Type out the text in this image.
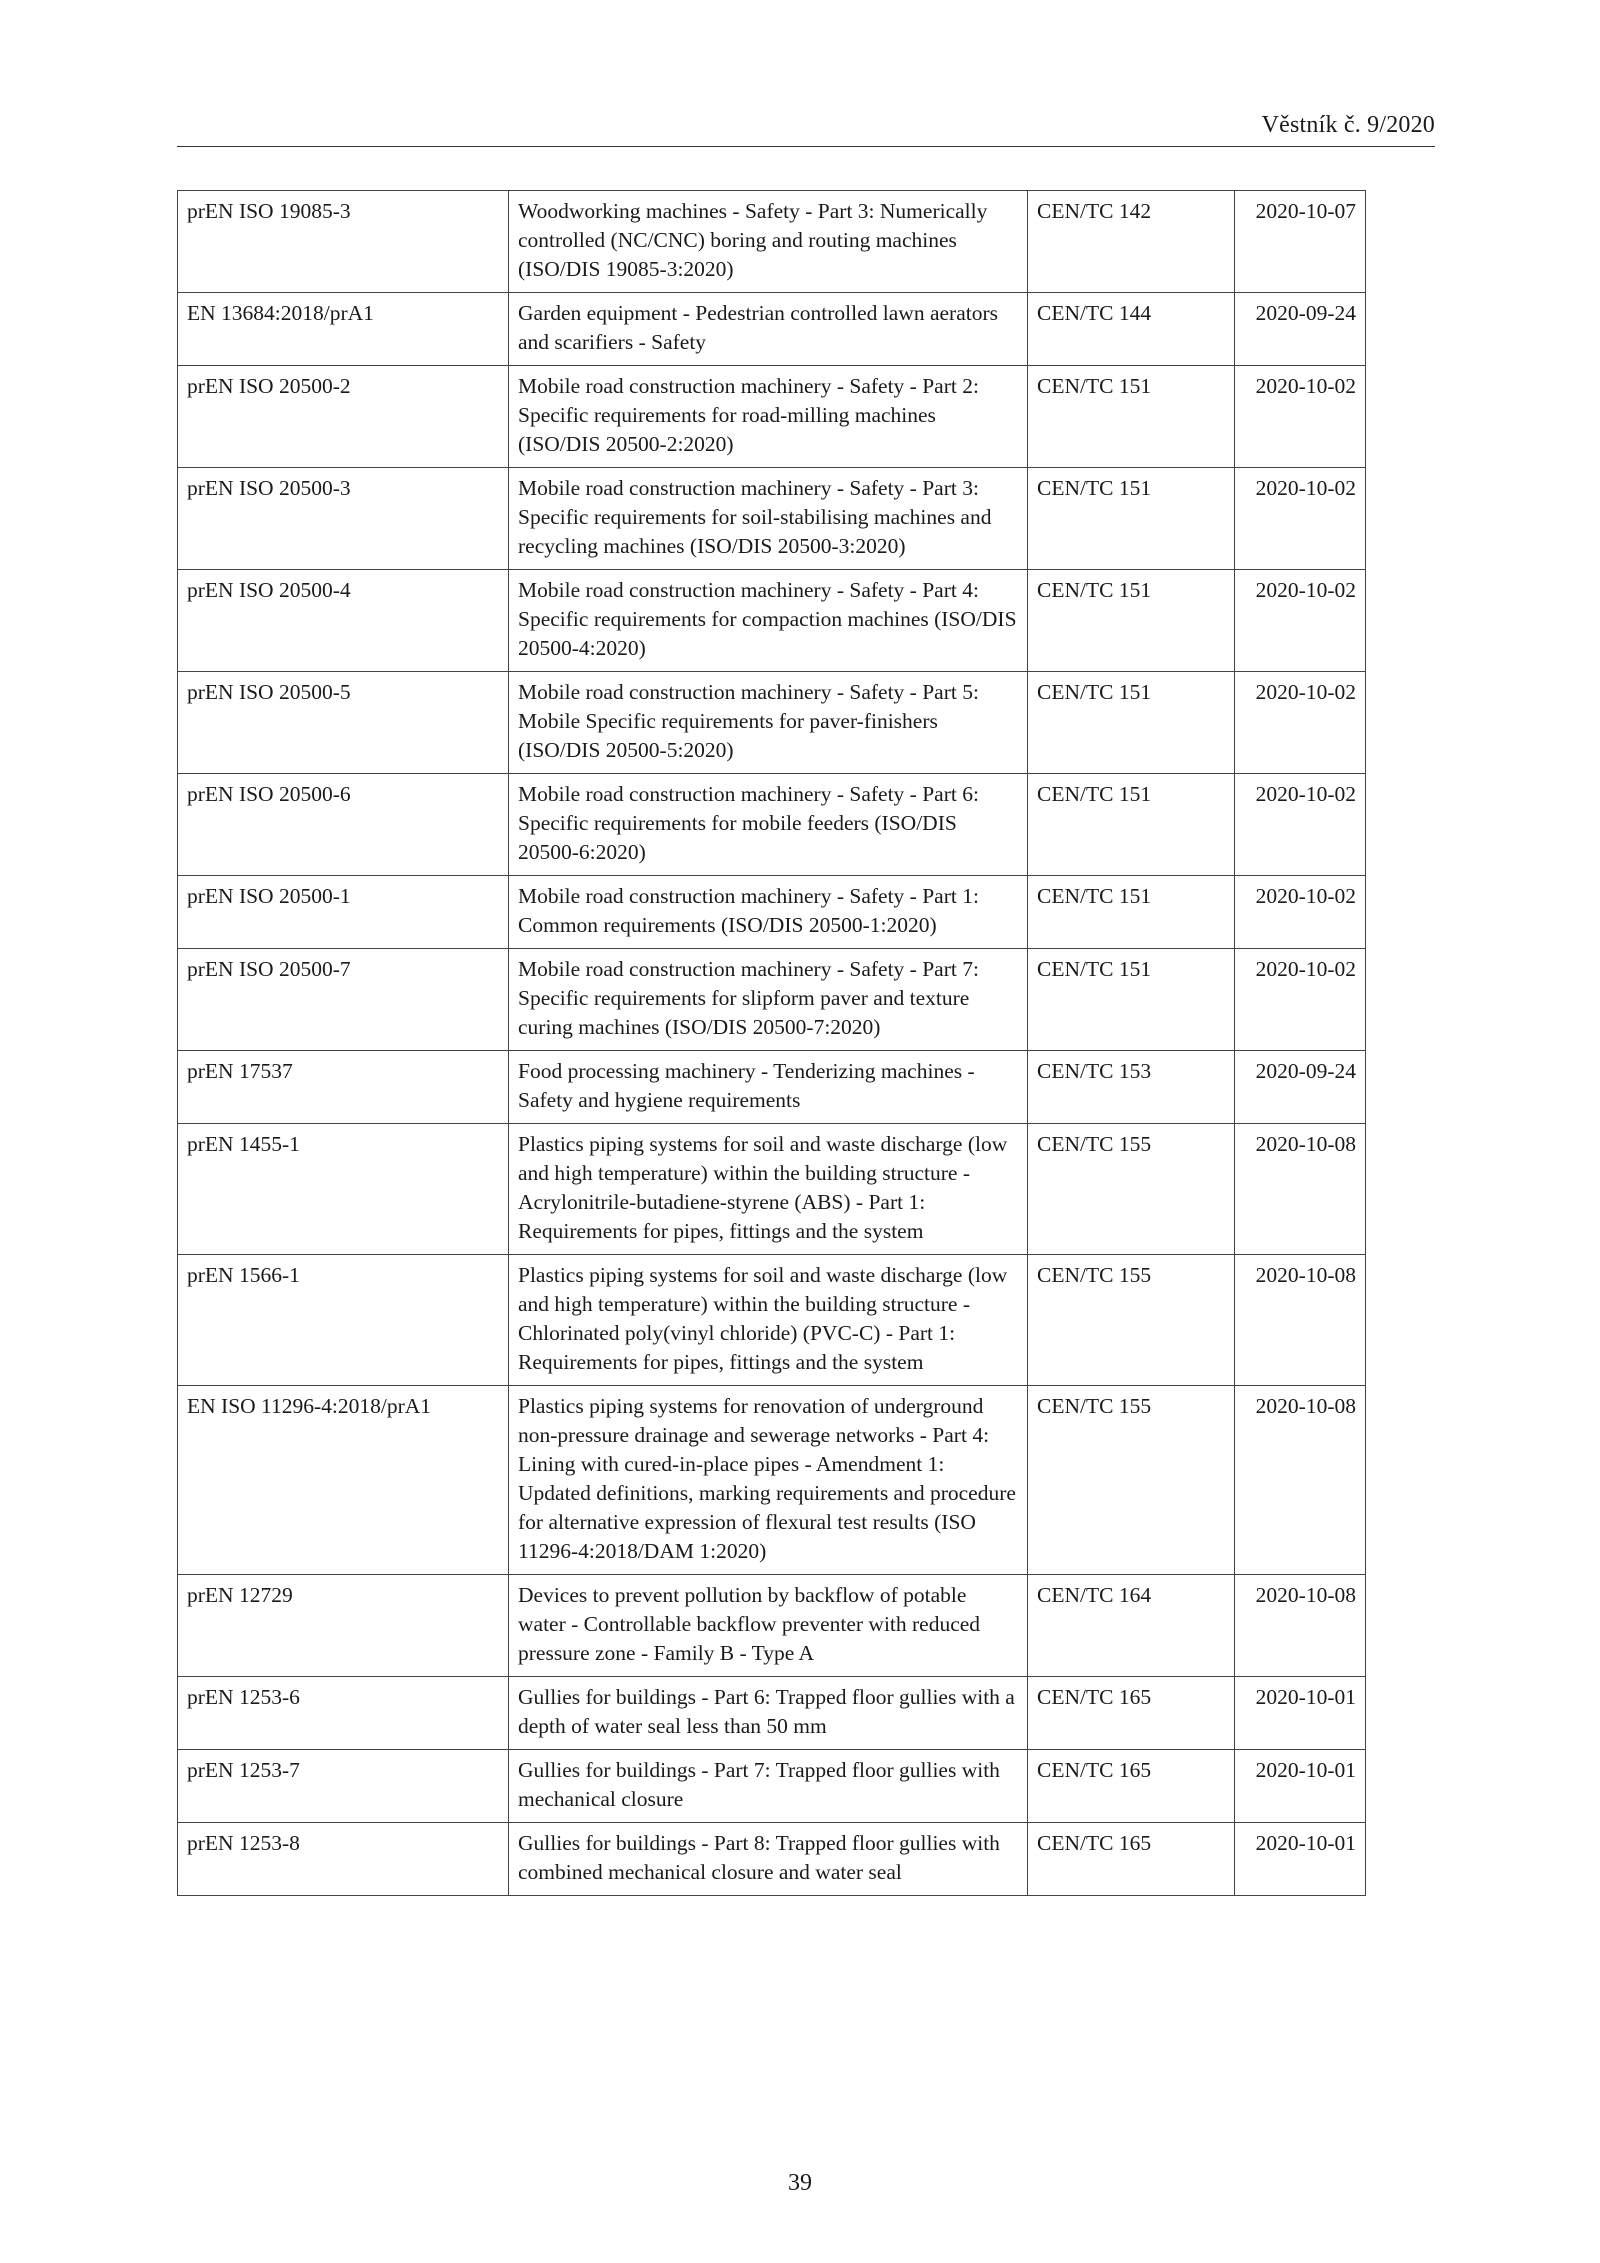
Věstník č. 9/2020
prEN ISO 19085-3	Woodworking machines - Safety - Part 3: Numerically controlled (NC/CNC) boring and routing machines (ISO/DIS 19085-3:2020)	CEN/TC 142	2020-10-07
EN 13684:2018/prA1	Garden equipment - Pedestrian controlled lawn aerators and scarifiers - Safety	CEN/TC 144	2020-09-24
prEN ISO 20500-2	Mobile road construction machinery - Safety - Part 2: Specific requirements for road-milling machines (ISO/DIS 20500-2:2020)	CEN/TC 151	2020-10-02
prEN ISO 20500-3	Mobile road construction machinery - Safety - Part 3: Specific requirements for soil-stabilising machines and recycling machines (ISO/DIS 20500-3:2020)	CEN/TC 151	2020-10-02
prEN ISO 20500-4	Mobile road construction machinery - Safety - Part 4: Specific requirements for compaction machines (ISO/DIS 20500-4:2020)	CEN/TC 151	2020-10-02
prEN ISO 20500-5	Mobile road construction machinery - Safety - Part 5: Mobile Specific requirements for paver-finishers (ISO/DIS 20500-5:2020)	CEN/TC 151	2020-10-02
prEN ISO 20500-6	Mobile road construction machinery - Safety - Part 6: Specific requirements for mobile feeders (ISO/DIS 20500-6:2020)	CEN/TC 151	2020-10-02
prEN ISO 20500-1	Mobile road construction machinery - Safety - Part 1: Common requirements (ISO/DIS 20500-1:2020)	CEN/TC 151	2020-10-02
prEN ISO 20500-7	Mobile road construction machinery - Safety - Part 7: Specific requirements for slipform paver and texture curing machines (ISO/DIS 20500-7:2020)	CEN/TC 151	2020-10-02
prEN 17537	Food processing machinery - Tenderizing machines - Safety and hygiene requirements	CEN/TC 153	2020-09-24
prEN 1455-1	Plastics piping systems for soil and waste discharge (low and high temperature) within the building structure - Acrylonitrile-butadiene-styrene (ABS) - Part 1: Requirements for pipes, fittings and the system	CEN/TC 155	2020-10-08
prEN 1566-1	Plastics piping systems for soil and waste discharge (low and high temperature) within the building structure - Chlorinated poly(vinyl chloride) (PVC-C) - Part 1: Requirements for pipes, fittings and the system	CEN/TC 155	2020-10-08
EN ISO 11296-4:2018/prA1	Plastics piping systems for renovation of underground non-pressure drainage and sewerage networks - Part 4: Lining with cured-in-place pipes - Amendment 1: Updated definitions, marking requirements and procedure for alternative expression of flexural test results (ISO 11296-4:2018/DAM 1:2020)	CEN/TC 155	2020-10-08
prEN 12729	Devices to prevent pollution by backflow of potable water - Controllable backflow preventer with reduced pressure zone - Family B - Type A	CEN/TC 164	2020-10-08
prEN 1253-6	Gullies for buildings - Part 6: Trapped floor gullies with a depth of water seal less than 50 mm	CEN/TC 165	2020-10-01
prEN 1253-7	Gullies for buildings - Part 7: Trapped floor gullies with mechanical closure	CEN/TC 165	2020-10-01
prEN 1253-8	Gullies for buildings - Part 8: Trapped floor gullies with combined mechanical closure and water seal	CEN/TC 165	2020-10-01
39
